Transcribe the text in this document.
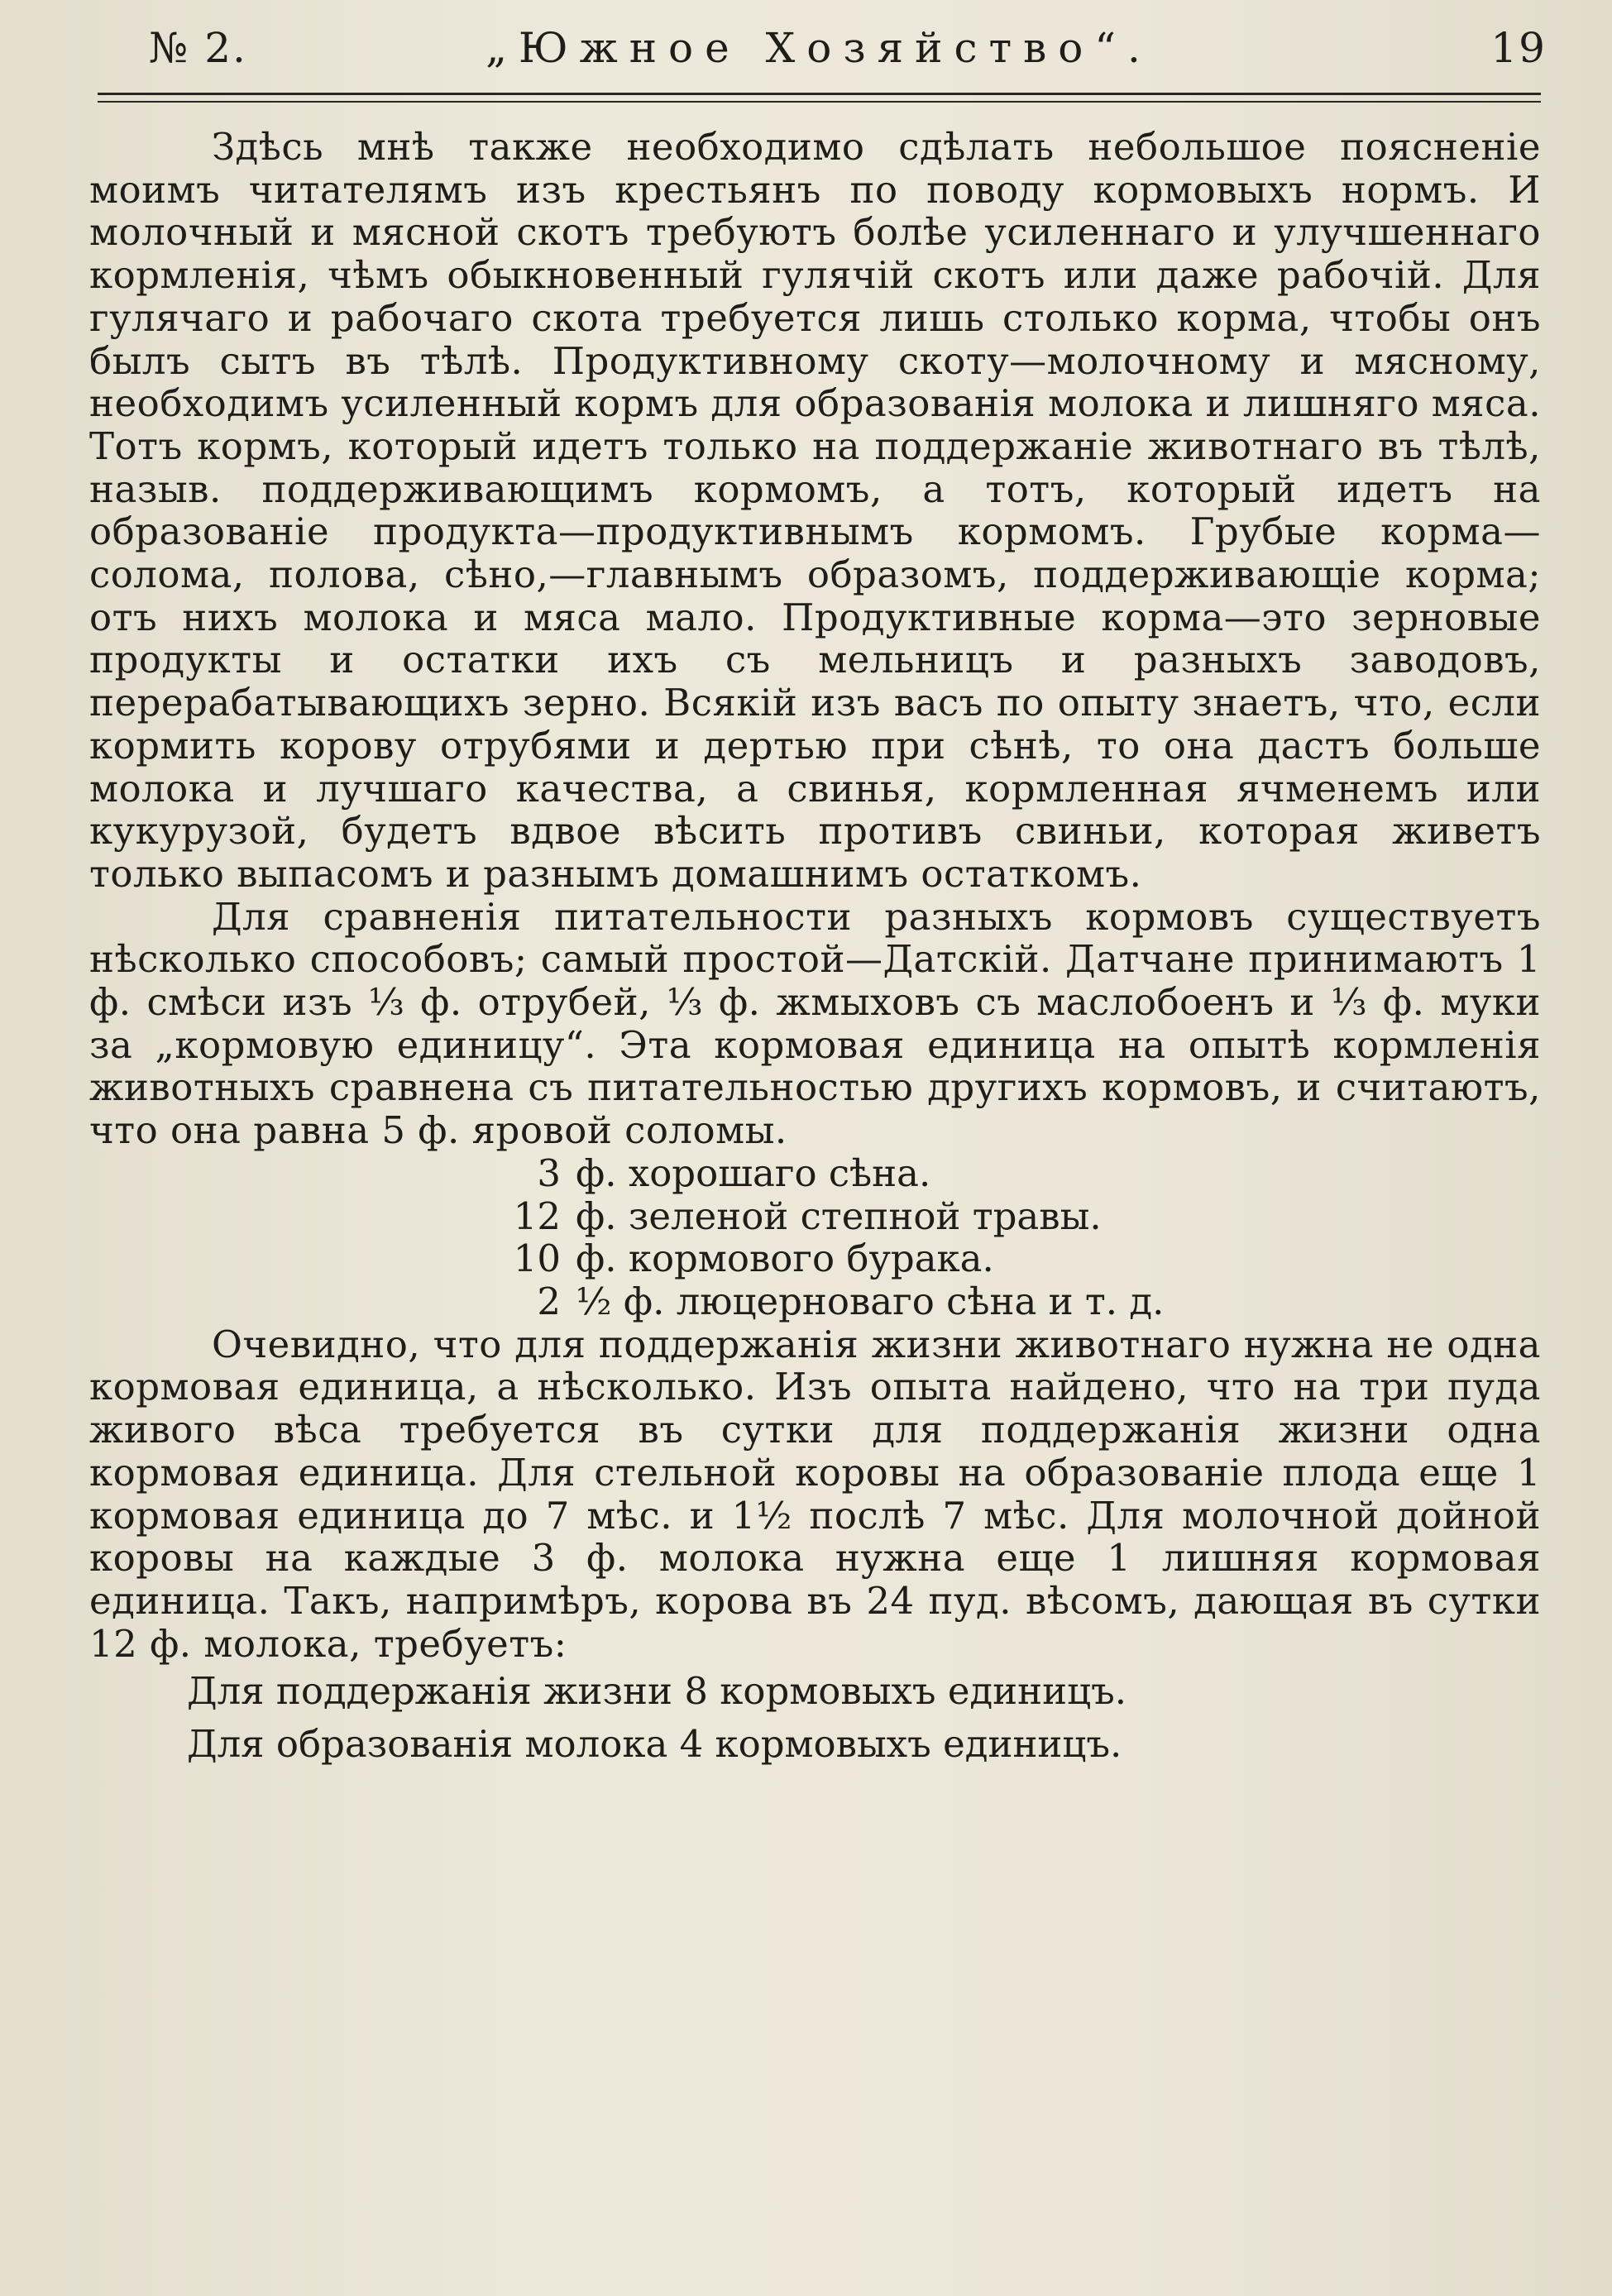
№ 2.	„Южное Хозяйство“.	19

Здѣсь мнѣ также необходимо сдѣлать небольшое пояснeніе моимъ читателямъ изъ крестьянъ по поводу кормовыхъ нормъ. И молочный и мясной скотъ требуютъ болѣе усиленнаго и улучшеннаго кормленія, чѣмъ обыкновенный гулячій скотъ или даже рабочій. Для гулячаго и рабочаго скота требуется лишь столько корма, чтобы онъ былъ сытъ въ тѣлѣ. Продуктивному скоту—молочному и мясному, необходимъ усиленный кормъ для образованія молока и лишняго мяса. Тотъ кормъ, который идетъ только на поддержаніе животнаго въ тѣлѣ, назыв. поддерживающимъ кормомъ, а тотъ, который идетъ на образованіе продукта—продуктивнымъ кормомъ. Грубые корма—солома, полова, сѣно,—главнымъ образомъ, поддерживающіе корма; отъ нихъ молока и мяса мало. Продуктивные корма—это зерновые продукты и остатки ихъ съ мельницъ и разныхъ заводовъ, перерабатывающихъ зерно. Всякій изъ васъ по опыту знаетъ, что, если кормить корову отрубями и дертью при сѣнѣ, то она дастъ больше молока и лучшаго качества, а свинья, кормленная ячменемъ или кукурузой, будетъ вдвое вѣсить противъ свиньи, которая живетъ только выпасомъ и разнымъ домашнимъ остаткомъ.

Для сравненія питательности разныхъ кормовъ существуетъ нѣсколько способовъ; самый простой—Датскій. Датчане принимаютъ 1 ф. смѣси изъ ⅓ ф. отрубей, ⅓ ф. жмыховъ съ маслобоенъ и ⅓ ф. муки за „кормовую единицу“. Эта кормовая единица на опытѣ кормленія животныхъ сравнена съ питательностью другихъ кормовъ, и считаютъ, что она равна 5 ф. яровой соломы.

3 ф. хорошаго сѣна.
12 ф. зеленой степной травы.
10 ф. кормового бурака.
2 ½ ф. люцерноваго сѣна и т. д.

Очевидно, что для поддержанія жизни животнаго нужна не одна кормовая единица, а нѣсколько. Изъ опыта найдено, что на три пуда живого вѣса требуется въ сутки для поддержанія жизни одна кормовая единица. Для стельной коровы на образованіе плода еще 1 кормовая единица до 7 мѣс. и 1½ послѣ 7 мѣс. Для молочной дойной коровы на каждые 3 ф. молока нужна еще 1 лишняя кормовая единица. Такъ, напримѣръ, корова въ 24 пуд. вѣсомъ, дающая въ сутки 12 ф. молока, требуетъ:

Для поддержанія жизни 8 кормовыхъ единицъ.

Для образованія молока 4 кормовыхъ единицъ.
